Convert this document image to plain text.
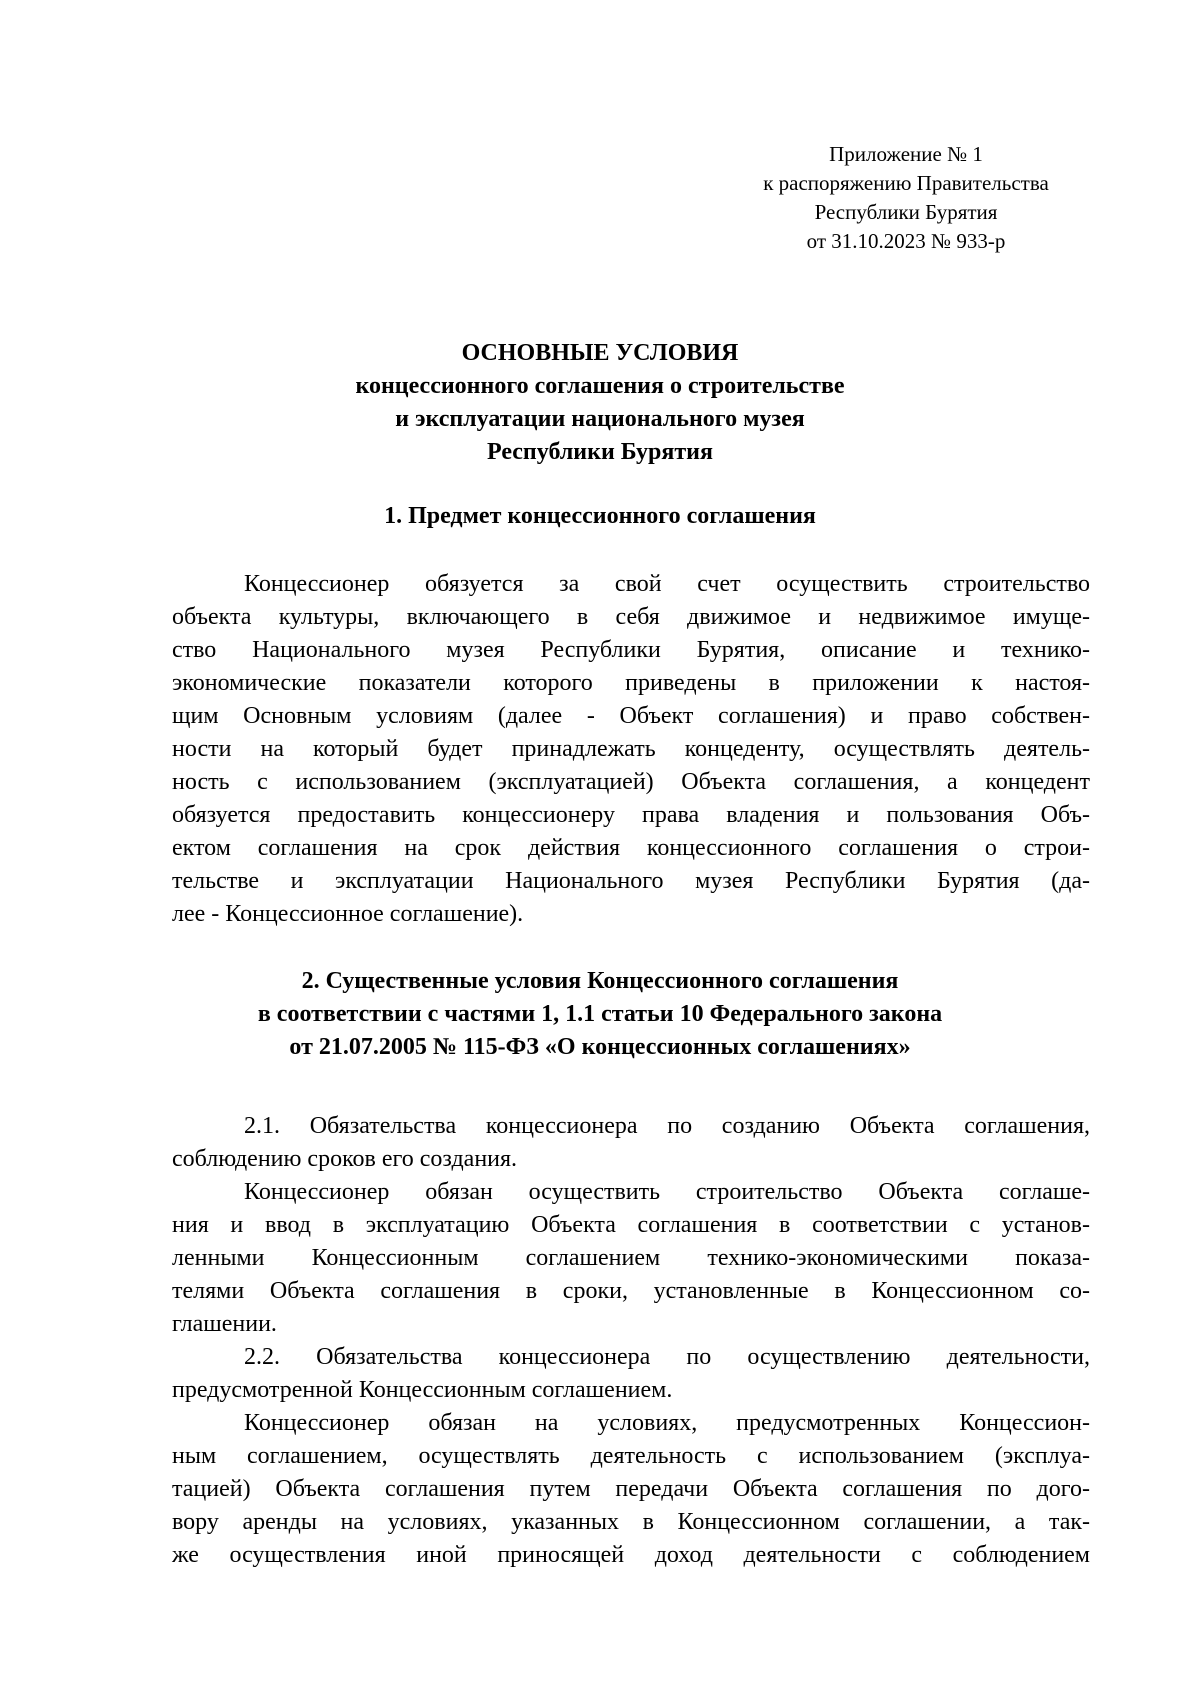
Приложение № 1
к распоряжению Правительства
Республики Бурятия
от 31.10.2023 № 933-р
ОСНОВНЫЕ УСЛОВИЯ
концессионного соглашения о строительстве
и эксплуатации национального музея
Республики Бурятия
1. Предмет концессионного соглашения
Концессионер обязуется за свой счет осуществить строительство
объекта культуры, включающего в себя движимое и недвижимое имуще-
ство Национального музея Республики Бурятия, описание и технико-
экономические показатели которого приведены в приложении к настоя-
щим Основным условиям (далее - Объект соглашения) и право собствен-
ности на который будет принадлежать концеденту, осуществлять деятель-
ность с использованием (эксплуатацией) Объекта соглашения, а концедент
обязуется предоставить концессионеру права владения и пользования Объ-
ектом соглашения на срок действия концессионного соглашения о строи-
тельстве и эксплуатации Национального музея Республики Бурятия (да-
лее - Концессионное соглашение).
2. Существенные условия Концессионного соглашения
в соответствии с частями 1, 1.1 статьи 10 Федерального закона
от 21.07.2005 № 115-ФЗ «О концессионных соглашениях»
2.1. Обязательства концессионера по созданию Объекта соглашения,
соблюдению сроков его создания.
Концессионер обязан осуществить строительство Объекта соглаше-
ния и ввод в эксплуатацию Объекта соглашения в соответствии с установ-
ленными Концессионным соглашением технико-экономическими показа-
телями Объекта соглашения в сроки, установленные в Концессионном со-
глашении.
2.2. Обязательства концессионера по осуществлению деятельности,
предусмотренной Концессионным соглашением.
Концессионер обязан на условиях, предусмотренных Концессион-
ным соглашением, осуществлять деятельность с использованием (эксплуа-
тацией) Объекта соглашения путем передачи Объекта соглашения по дого-
вору аренды на условиях, указанных в Концессионном соглашении, а так-
же осуществления иной приносящей доход деятельности с соблюдением
